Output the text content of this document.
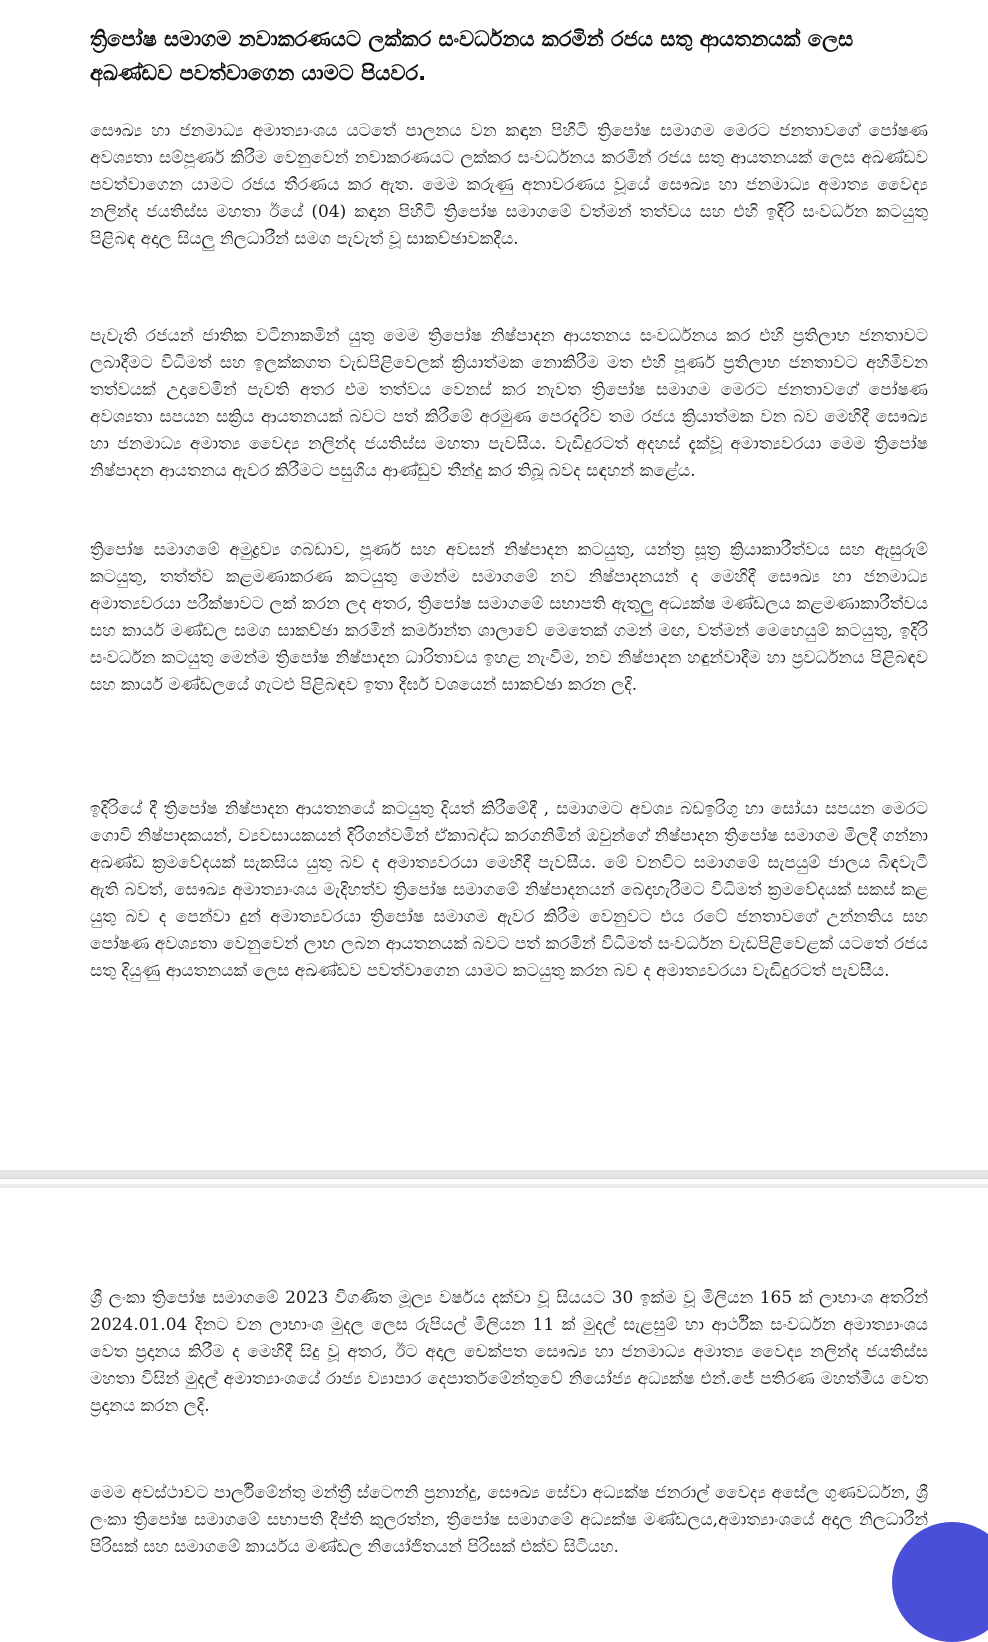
ත්‍රිපෝෂ සමාගම නවාකරණයට ලක්කර සංවර්ධනය කරමින් රජය සතු ආයතනයක් ලෙස අඛණ්ඩව පවත්වාගෙන යාමට පියවර.

සෞඛ්‍ය හා ජනමාධ්‍ය අමාත්‍යාංශය යටතේ පාලනය වන කඳාන පිහිටි ත්‍රිපෝෂ සමාගම මෙරට ජනතාවගේ පෝෂණ අවශ්‍යතා සම්පූර්ණ කිරීම වෙනුවෙන් නවාකරණයට ලක්කර සංවර්ධනය කරමින් රජය සතු ආයතනයක් ලෙස අඛණ්ඩව පවත්වාගෙන යාමට රජය තීරණය කර ඇත. මෙම කරුණු අනාවරණය වූයේ සෞඛ්‍ය හා ජනමාධ්‍ය අමාත්‍ය වෛද්‍ය නලින්ද ජයතිස්ස මහතා ඊයේ (04) කඳාන පිහිටි ත්‍රිපෝෂ සමාගමේ වත්මන් තත්වය සහ එහි ඉදිරි සංවර්ධන කටයුතු පිළිබඳ අදාල සියලු නිලධාරීන් සමග පැවැත් වූ සාකච්ඡාවකදීය.

පැවැති රජයන් ජාතික වටිනාකමින් යුතු මෙම ත්‍රිපෝෂ නිෂ්පාදන ආයතනය සංවර්ධනය කර එහි ප්‍රතිලාභ ජනතාවට ලබාදීමට විධිමත් සහ ඉලක්කගත වැඩපිළිවෙලක් ක්‍රියාත්මක නොකිරීම මත එහි පූර්ණ ප්‍රතිලාභ ජනතාවට අහිමිවන තත්වයක් උදාවෙමින් පැවති අතර එම තත්වය වෙනස් කර නැවත ත්‍රිපෝෂ සමාගම මෙරට ජනතාවගේ පෝෂණ අවශ්‍යතා සපයන සක්‍රිය ආයතනයක් බවට පත් කිරීමේ අරමුණ පෙරදැරිව තම රජය ක්‍රියාත්මක වන බව මෙහිදී සෞඛ්‍ය හා ජනමාධ්‍ය අමාත්‍ය වෛද්‍ය නලින්ද ජයතිස්ස මහතා පැවසීය. වැඩිදුරටත් අදහස් දැක්වූ අමාත්‍යවරයා මෙම ත්‍රිපෝෂ නිෂ්පාදන ආයතනය ඇවර කිරීමට පසුගිය ආණ්ඩුව තීන්දු කර තිබූ බවද සඳහන් කළේය.

ත්‍රිපෝෂ සමාගමේ අමුද්‍රව්‍ය ගබඩාව, පූර්ණ සහ අවසන් නිෂ්පාදන කටයුතු, යන්ත්‍ර සූත්‍ර ක්‍රියාකාරීත්වය සහ ඇසුරුම් කටයුතු, තත්ත්ව කළමණාකරණ කටයුතු මෙන්ම සමාගමේ නව නිෂ්පාදනයන් ද මෙහිදී සෞඛ්‍ය හා ජනමාධ්‍ය අමාත්‍යවරයා පරීක්ෂාවට ලක් කරන ලද අතර, ත්‍රිපෝෂ සමාගමේ සභාපති ඇතුලු අධ්‍යක්ෂ මණ්ඩලය කළමණාකාරීත්වය සහ කාර්ය මණ්ඩල සමග සාකච්ඡා කරමින් කර්මාන්ත ශාලාවේ මෙතෙක් ගමන් මඟ, වත්මන් මෙහෙයුම් කටයුතු, ඉදිරි සංවර්ධන කටයුතු මෙන්ම ත්‍රිපෝෂ නිෂ්පාදන ධාරිතාවය ඉහළ නැංවීම, නව නිෂ්පාදන හඳුන්වාදීම හා ප්‍රවර්ධනය පිළිබඳව සහ කාර්ය මණ්ඩලයේ ගැටළු පිළිබඳව ඉතා දීර්ඝ වශයෙන් සාකච්ඡා කරන ලදි.

ඉදිරියේ දී ත්‍රිපෝෂ නිෂ්පාදන ආයතනයේ කටයුතු දියත් කිරීමේදී , සමාගමට අවශ්‍ය බඩඉරිගු හා සෝයා සපයන මෙරට ගොවි නිෂ්පාදකයන්, ව්‍යවසායකයන් දිරිගන්වමින් ඒකාබද්ධ කරගනිමින් ඔවුන්ගේ නිෂ්පාදන ත්‍රිපෝෂ සමාගම මිලදී ගන්නා අඛණ්ඩ ක්‍රමවේදයක් සැකසිය යුතු බව ද අමාත්‍යවරයා මෙහිදී පැවසීය. මේ වනවිට සමාගමේ සැපයුම් ජාලය බිඳවැටී ඇති බවත්, සෞඛ්‍ය අමාත්‍යාංශය මැදිහත්ව ත්‍රිපෝෂ සමාගමේ නිෂ්පාදනයන් බෙදාහැරීමට විධිමත් ක්‍රමවේදයක් සකස් කළ යුතු බව ද පෙන්වා දුන් අමාත්‍යවරයා ත්‍රිපෝෂ සමාගම ඇවර කිරීම වෙනුවට එය රටේ ජනතාවගේ උන්නතිය සහ පෝෂණ අවශ්‍යතා වෙනුවෙන් ලාභ ලබන ආයතනයක් බවට පත් කරමින් විධිමත් සංවර්ධන වැඩපිළිවෙළක් යටතේ රජය සතු දියුණු ආයතනයක් ලෙස අඛණ්ඩව පවත්වාගෙන යාමට කටයුතු කරන බව ද අමාත්‍යවරයා වැඩිදුරටත් පැවසීය.

ශ්‍රී ලංකා ත්‍රිපෝෂ සමාගමේ 2023 විගණිත මූල්‍ය වර්ෂය දක්වා වූ සියයට 30 ඉක්ම වූ මිලියන 165 ක් ලාභාංශ අතරින් 2024.01.04 දිනට වන ලාභාංශ මුදල ලෙස රුපියල් මිලියන 11 ක් මුදල් සැළසුම් හා ආර්ථික සංවර්ධන අමාත්‍යාංශය වෙත ප්‍රදානය කිරීම ද මෙහිදී සිදු වූ අතර, ඊට අදාල චෙක්පත සෞඛ්‍ය හා ජනමාධ්‍ය අමාත්‍ය වෛද්‍ය නලින්ද ජයතිස්ස මහතා විසින් මුදල් අමාත්‍යාංශයේ රාජ්‍ය ව්‍යාපාර දෙපාර්තමේන්තුවේ නියෝජ්‍ය අධ්‍යක්ෂ එන්.ජේ පතිරණ මහත්මිය වෙත ප්‍රදානය කරන ලදි.

මෙම අවස්ථාවට පාර්ලිමේන්තු මන්ත්‍රී ස්ටෙෆනි ප්‍රනාන්දු, සෞඛ්‍ය සේවා අධ්‍යක්ෂ ජනරාල් වෛද්‍ය අසේල ගුණවර්ධන, ශ්‍රී ලංකා ත්‍රිපෝෂ සමාගමේ සභාපති දීප්ති කුලරත්න, ත්‍රිපෝෂ සමාගමේ අධ්‍යක්ෂ මණ්ඩලය,අමාත්‍යාංශයේ අදාල නිලධාරීන් පිරිසක් සහ සමාගමේ කාර්යය මණ්ඩල නියෝජිතයන් පිරිසක් එක්ව සිටියහ.
